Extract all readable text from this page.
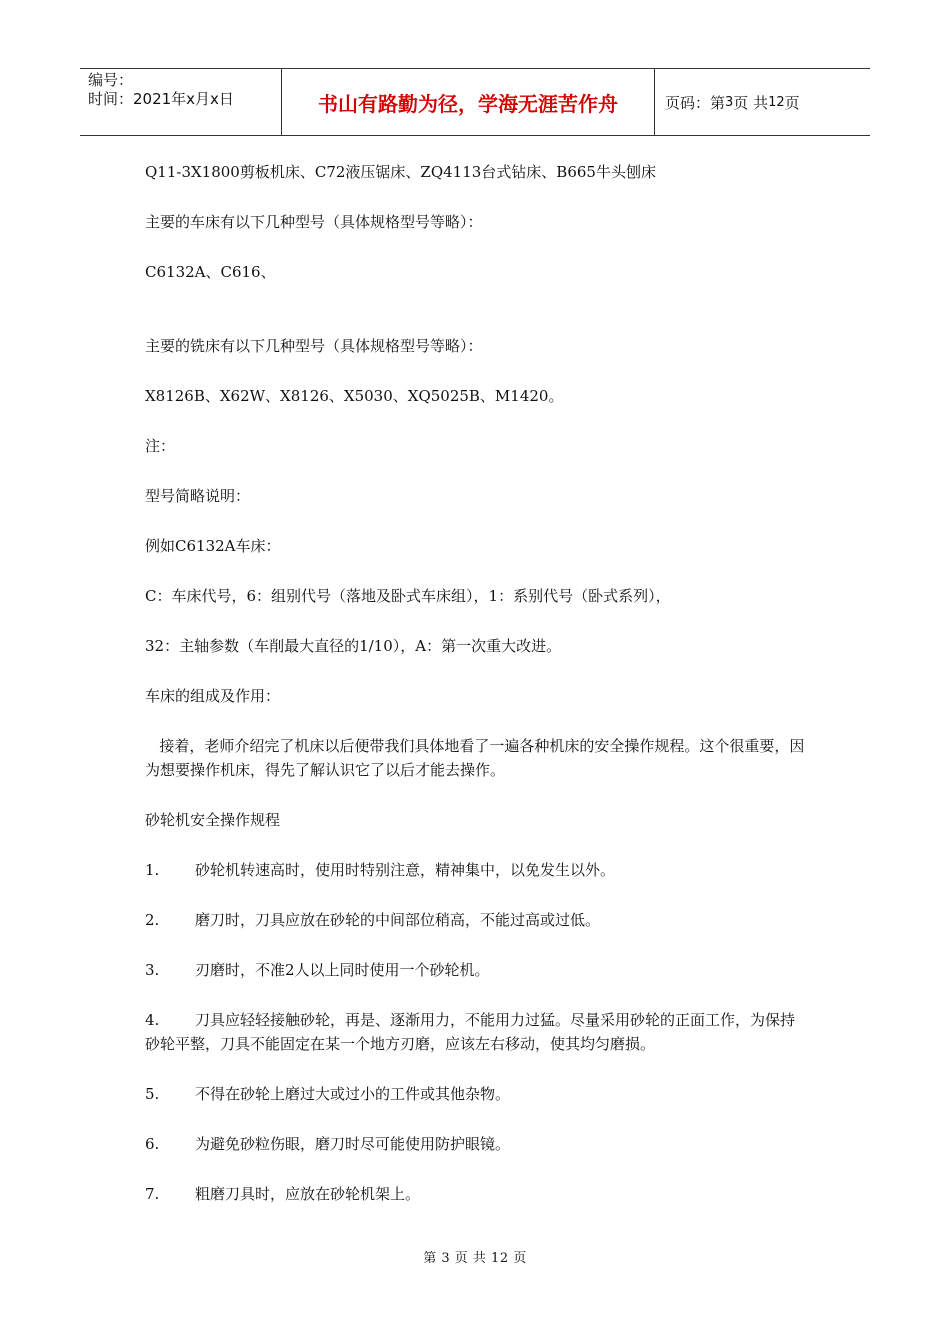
编号：
时间：2021年x月x日	书山有路勤为径，学海无涯苦作舟	页码：第 3 页 共 12 页

Q11-3X1800剪板机床、C72液压锯床、ZQ4113台式钻床、B665牛头刨床

主要的车床有以下几种型号（具体规格型号等略）：

C6132A、C616、

主要的铣床有以下几种型号（具体规格型号等略）：

X8126B、X62W、X8126、X5030、XQ5025B、M1420。

注：

型号简略说明：

例如C6132A车床：

C：车床代号，6：组别代号（落地及卧式车床组），1：系别代号（卧式系列），

32：主轴参数（车削最大直径的1/10），A：第一次重大改进。

车床的组成及作用：

接着，老师介绍完了机床以后便带我们具体地看了一遍各种机床的安全操作规程。这个很重要，因为想要操作机床，得先了解认识它了以后才能去操作。

砂轮机安全操作规程

1.	砂轮机转速高时，使用时特别注意，精神集中，以免发生以外。
2.	磨刀时，刀具应放在砂轮的中间部位稍高，不能过高或过低。
3.	刃磨时，不准2人以上同时使用一个砂轮机。
4. 刀具应轻轻接触砂轮，再是、逐渐用力，不能用力过猛。尽量采用砂轮的正面工作，为保持砂轮平整，刀具不能固定在某一个地方刃磨，应该左右移动，使其均匀磨损。
5.	不得在砂轮上磨过大或过小的工件或其他杂物。
6.	为避免砂粒伤眼，磨刀时尽可能使用防护眼镜。
7.	粗磨刀具时，应放在砂轮机架上。
第 3 页 共 12 页
